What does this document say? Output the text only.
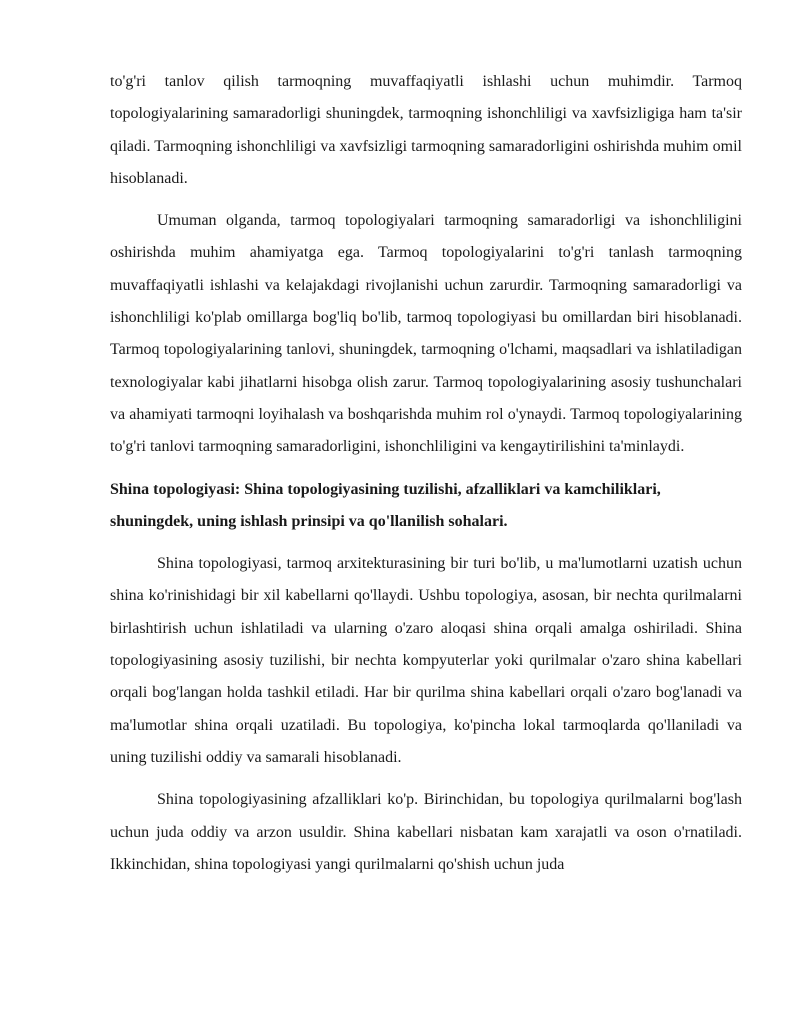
to'g'ri tanlov qilish tarmoqning muvaffaqiyatli ishlashi uchun muhimdir. Tarmoq topologiyalarining samaradorligi shuningdek, tarmoqning ishonchliligi va xavfsizligiga ham ta'sir qiladi. Tarmoqning ishonchliligi va xavfsizligi tarmoqning samaradorligini oshirishda muhim omil hisoblanadi.

Umuman olganda, tarmoq topologiyalari tarmoqning samaradorligi va ishonchliligini oshirishda muhim ahamiyatga ega. Tarmoq topologiyalarini to'g'ri tanlash tarmoqning muvaffaqiyatli ishlashi va kelajakdagi rivojlanishi uchun zarurdir. Tarmoqning samaradorligi va ishonchliligi ko'plab omillarga bog'liq bo'lib, tarmoq topologiyasi bu omillardan biri hisoblanadi. Tarmoq topologiyalarining tanlovi, shuningdek, tarmoqning o'lchami, maqsadlari va ishlatiladigan texnologiyalar kabi jihatlarni hisobga olish zarur. Tarmoq topologiyalarining asosiy tushunchalari va ahamiyati tarmoqni loyihalash va boshqarishda muhim rol o'ynaydi. Tarmoq topologiyalarining to'g'ri tanlovi tarmoqning samaradorligini, ishonchliligini va kengaytirilishini ta'minlaydi.

Shina topologiyasi: Shina topologiyasining tuzilishi, afzalliklari va kamchiliklari, shuningdek, uning ishlash prinsipi va qo'llanilish sohalari.

Shina topologiyasi, tarmoq arxitekturasining bir turi bo'lib, u ma'lumotlarni uzatish uchun shina ko'rinishidagi bir xil kabellarni qo'llaydi. Ushbu topologiya, asosan, bir nechta qurilmalarni birlashtirish uchun ishlatiladi va ularning o'zaro aloqasi shina orqali amalga oshiriladi. Shina topologiyasining asosiy tuzilishi, bir nechta kompyuterlar yoki qurilmalar o'zaro shina kabellari orqali bog'langan holda tashkil etiladi. Har bir qurilma shina kabellari orqali o'zaro bog'lanadi va ma'lumotlar shina orqali uzatiladi. Bu topologiya, ko'pincha lokal tarmoqlarda qo'llaniladi va uning tuzilishi oddiy va samarali hisoblanadi.

Shina topologiyasining afzalliklari ko'p. Birinchidan, bu topologiya qurilmalarni bog'lash uchun juda oddiy va arzon usuldir. Shina kabellari nisbatan kam xarajatli va oson o'rnatiladi. Ikkinchidan, shina topologiyasi yangi qurilmalarni qo'shish uchun juda
